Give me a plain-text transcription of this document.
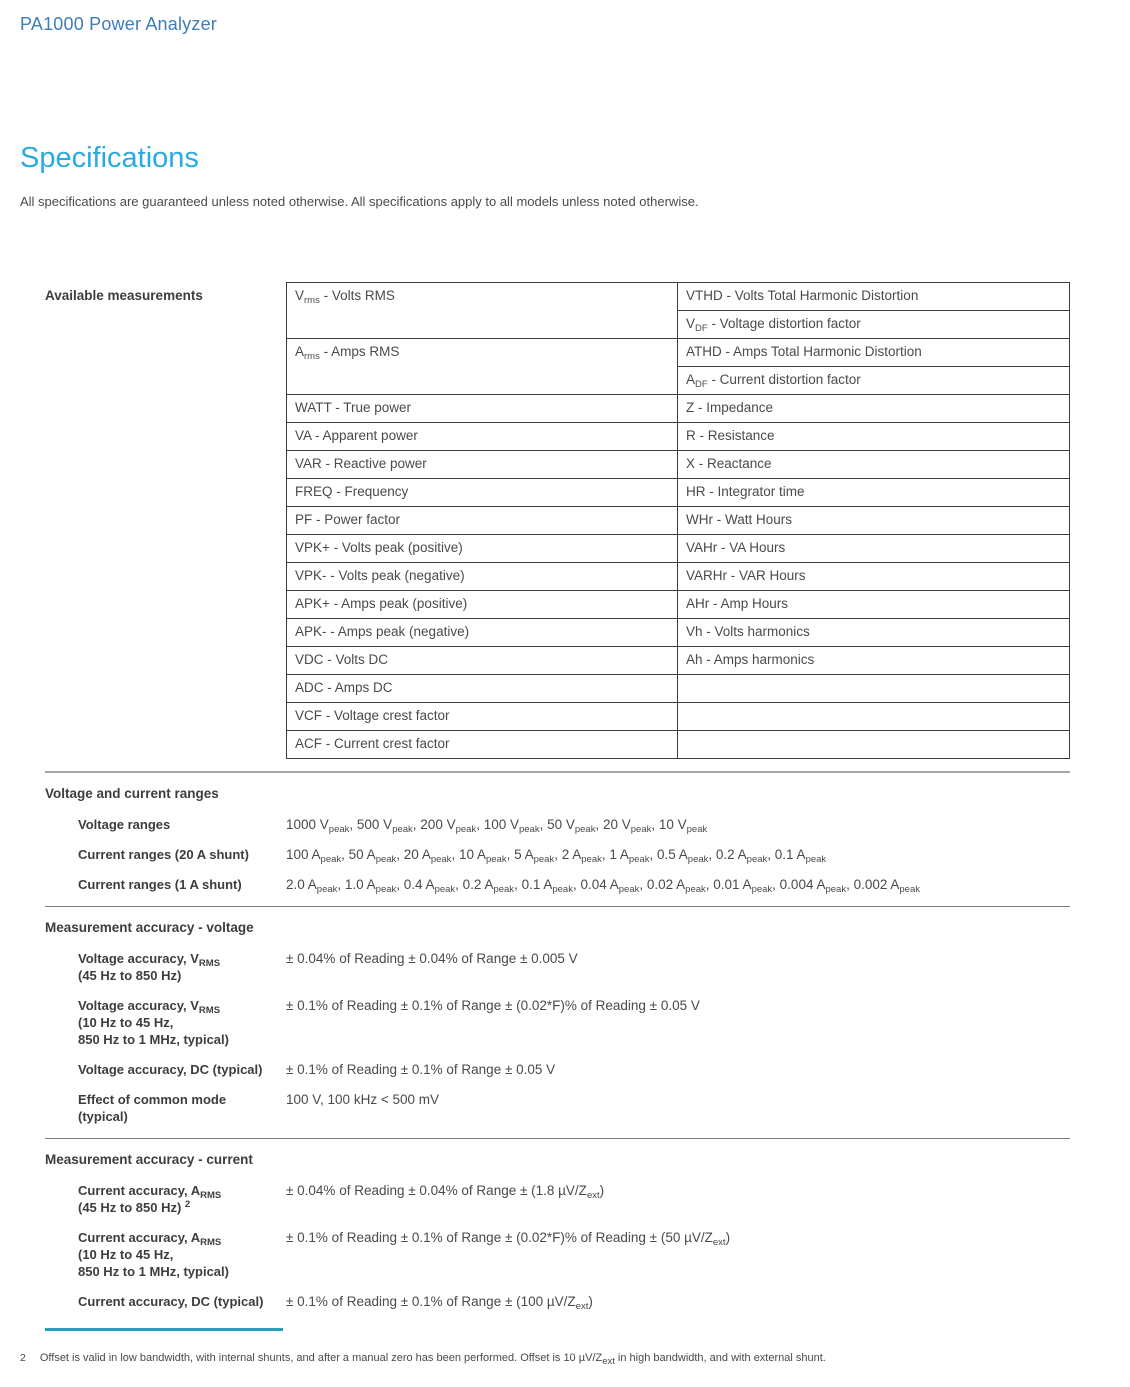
PA1000 Power Analyzer
Specifications
All specifications are guaranteed unless noted otherwise. All specifications apply to all models unless noted otherwise.
Available measurements	$V_{rms}$ - Volts RMS	VTHD - Volts Total Harmonic Distortion
	$V_{DF}$ - Voltage distortion factor
$A_{rms}$ - Amps RMS	ATHD - Amps Total Harmonic Distortion
	$A_{DF}$ - Current distortion factor
WATT - True power	Z - Impedance
VA - Apparent power	R - Resistance
VAR - Reactive power	X - Reactance
FREQ - Frequency	HR - Integrator time
PF - Power factor	WHr - Watt Hours
VPK+ - Volts peak (positive)	VAHr - VA Hours
VPK- - Volts peak (negative)	VARHr - VAR Hours
APK+ - Amps peak (positive)	AHr - Amp Hours
APK- - Amps peak (negative)	Vh - Volts harmonics
VDC - Volts DC	Ah - Amps harmonics
ADC - Amps DC	
VCF - Voltage crest factor	
ACF - Current crest factor	
Voltage and current ranges
Voltage ranges	1000 $V_{peak}$, 500 $V_{peak}$, 200 $V_{peak}$, 100 $V_{peak}$, 50 $V_{peak}$, 20 $V_{peak}$, 10 $V_{peak}$
Current ranges (20 A shunt)	100 $A_{peak}$, 50 $A_{peak}$, 20 $A_{peak}$, 10 $A_{peak}$, 5 $A_{peak}$, 2 $A_{peak}$, 1 $A_{peak}$, 0.5 $A_{peak}$, 0.2 $A_{peak}$, 0.1 $A_{peak}$
Current ranges (1 A shunt)	2.0 $A_{peak}$, 1.0 $A_{peak}$, 0.4 $A_{peak}$, 0.2 $A_{peak}$, 0.1 $A_{peak}$, 0.04 $A_{peak}$, 0.02 $A_{peak}$, 0.01 $A_{peak}$, 0.004 $A_{peak}$, 0.002 $A_{peak}$
Measurement accuracy - voltage
Voltage accuracy, $V_{RMS}$
(45 Hz to 850 Hz)
± 0.04% of Reading ± 0.04% of Range ± 0.005 V
Voltage accuracy, $V_{RMS}$
(10 Hz to 45 Hz,
850 Hz to 1 MHz, typical)
± 0.1% of Reading ± 0.1% of Range ± (0.02*F)% of Reading ± 0.05 V
Voltage accuracy, DC (typical)	± 0.1% of Reading ± 0.1% of Range ± 0.05 V
Effect of common mode
(typical)
100 V, 100 kHz < 500 mV
Measurement accuracy - current
Current accuracy, $A_{RMS}$
(45 Hz to 850 Hz) $^2$
± 0.04% of Reading ± 0.04% of Range ± (1.8 $\mu V/Z_{ext}$)
Current accuracy, $A_{RMS}$
(10 Hz to 45 Hz,
850 Hz to 1 MHz, typical)
± 0.1% of Reading ± 0.1% of Range ± (0.02*F)% of Reading ± (50 $\mu V/Z_{ext}$)
Current accuracy, DC (typical)	± 0.1% of Reading ± 0.1% of Range ± (100 $\mu V/Z_{ext}$)
2 Offset is valid in low bandwidth, with internal shunts, and after a manual zero has been performed. Offset is 10 $\mu V/Z_{ext}$ in high bandwidth, and with external shunt.
